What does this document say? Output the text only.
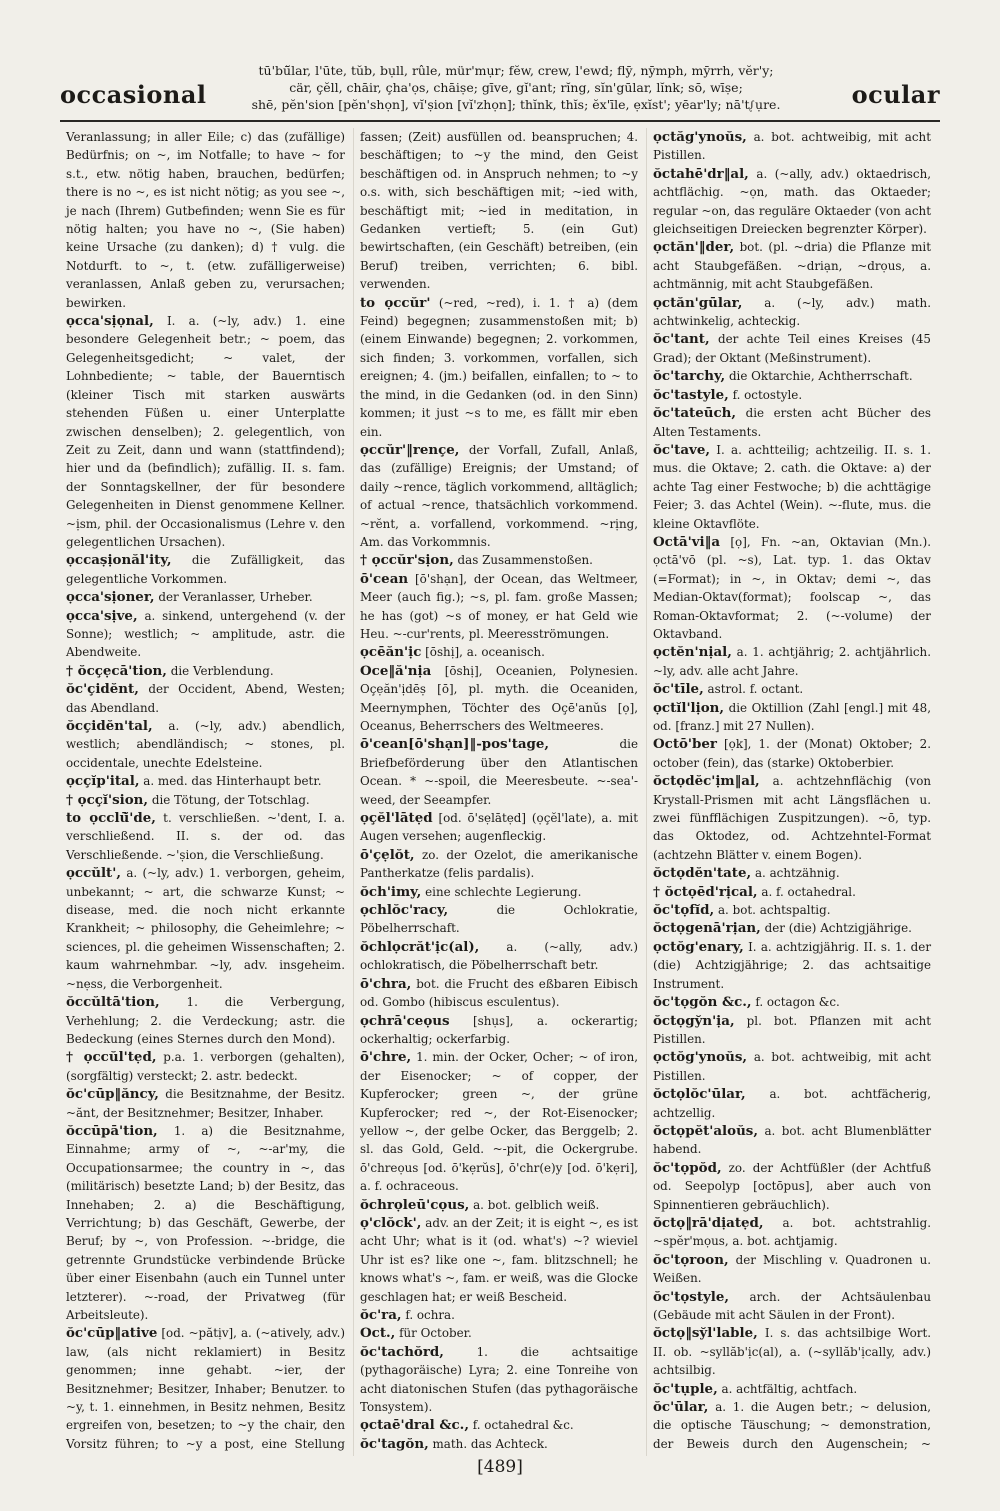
occasional
tū'bū̆lar, l'ūte, tŭb, bụll, rûle, mür'mụr; fĕw, crew, l'ewd; flȳ, nȳmph, mȳrrh, vĕr'y;
cär, çĕll, chāir, çha'ọs, chāiṣe; gīve, gĭ'ant; rĭng, sĭn'gūlar, lĭnk; sō, wīṣe;
shē, pĕn'sion [pĕn'shọn], vĭ'ṣion [vĭ'zhọn]; thĭnk, thĭs; ĕx'īle, ẹxĭst'; yēar'ly; nā'tᶘụre.	ocular

Veranlassung; in aller Eile; c) das (zufällige) Bedürfnis; on ~, im Notfalle; to have ~ for s.t., etw. nötig haben, brauchen, bedürfen; there is no ~, es ist nicht nötig; as you see ~, je nach (Ihrem) Gutbefinden; wenn Sie es für nötig halten; you have no ~, (Sie haben) keine Ursache (zu danken); d) † vulg. die Notdurft. to ~, t. (etw. zufälligerweise) veranlassen, Anlaß geben zu, verursachen; bewirken.

ọcca'sịọnal, I. a. (~ly, adv.) 1. eine besondere Gelegenheit betr.; ~ poem, das Gelegenheitsgedicht; ~ valet, der Lohnbediente; ~ table, der Bauerntisch (kleiner Tisch mit starken auswärts stehenden Füßen u. einer Unterplatte zwischen denselben); 2. gelegentlich, von Zeit zu Zeit, dann und wann (stattfindend); hier und da (befindlich); zufällig. II. s. fam. der Sonntagskellner, der für besondere Gelegenheiten in Dienst genommene Kellner. ~ịsm, phil. der Occasionalismus (Lehre v. den gelegentlichen Ursachen).

ọccaṣịonăl'ity, die Zufälligkeit, das gelegentliche Vorkommen.

ọcca'sịoner, der Veranlasser, Urheber.

ọcca'sịve, a. sinkend, untergehend (v. der Sonne); westlich; ~ amplitude, astr. die Abendweite.

† ŏcçẹcā'tion, die Verblendung.

ŏc'çidĕnt, der Occident, Abend, Westen; das Abendland.

ŏcçidĕn'tal, a. (~ly, adv.) abendlich, westlich; abendländisch; ~ stones, pl. occidentale, unechte Edelsteine.

ọcçĭp'ital, a. med. das Hinterhaupt betr.

† ọcçĭ'sion, die Tötung, der Totschlag.

to ọcclū̆'de, t. verschließen. ~'dent, I. a. verschließend. II. s. der od. das Verschließende. ~'ṣion, die Verschließung.

ọccŭlt', a. (~ly, adv.) 1. verborgen, geheim, unbekannt; ~ art, die schwarze Kunst; ~ disease, med. die noch nicht erkannte Krankheit; ~ philosophy, die Geheimlehre; ~ sciences, pl. die geheimen Wissenschaften; 2. kaum wahrnehmbar. ~ly, adv. insgeheim. ~nẹss, die Verborgenheit.

ŏccŭltā'tion, 1. die Verbergung, Verhehlung; 2. die Verdeckung; astr. die Bedeckung (eines Sternes durch den Mond).

† ọccŭl'tẹd, p.a. 1. verborgen (gehalten), (sorgfältig) versteckt; 2. astr. bedeckt.

ŏc'cūp‖ăncy, die Besitznahme, der Besitz. ~ănt, der Besitznehmer; Besitzer, Inhaber.

ŏccūpā'tion, 1. a) die Besitznahme, Einnahme; army of ~, ~-ar'my, die Occupationsarmee; the country in ~, das (militärisch) besetzte Land; b) der Besitz, das Innehaben; 2. a) die Beschäftigung, Verrichtung; b) das Geschäft, Gewerbe, der Beruf; by ~, von Profession. ~-bridge, die getrennte Grundstücke verbindende Brücke über einer Eisenbahn (auch ein Tunnel unter letzterer). ~-road, der Privatweg (für Arbeitsleute).

ŏc'cūp‖ative [od. ~pătịv], a. (~atively, adv.) law, (als nicht reklamiert) in Besitz genommen; inne gehabt. ~ier, der Besitznehmer; Besitzer, Inhaber; Benutzer. to ~y, t. 1. einnehmen, in Besitz nehmen, Besitz ergreifen von, besetzen; to ~y the chair, den Vorsitz führen; to ~y a post, eine Stellung

fassen; (Zeit) ausfüllen od. beanspruchen; 4. beschäftigen; to ~y the mind, den Geist beschäftigen od. in Anspruch nehmen; to ~y o.s. with, sich beschäftigen mit; ~ied with, beschäftigt mit; ~ied in meditation, in Gedanken vertieft; 5. (ein Gut) bewirtschaften, (ein Geschäft) betreiben, (ein Beruf) treiben, verrichten; 6. bibl. verwenden.

to ọccŭr' (~red, ~red), i. 1. † a) (dem Feind) begegnen; zusammenstoßen mit; b) (einem Einwande) begegnen; 2. vorkommen, sich finden; 3. vorkommen, vorfallen, sich ereignen; 4. (jm.) beifallen, einfallen; to ~ to the mind, in die Gedanken (od. in den Sinn) kommen; it just ~s to me, es fällt mir eben ein.

ọccŭr'‖rençe, der Vorfall, Zufall, Anlaß, das (zufällige) Ereignis; der Umstand; of daily ~rence, täglich vorkommend, alltäglich; of actual ~rence, thatsächlich vorkommend. ~rĕnt, a. vorfallend, vorkommend. ~rịng, Am. das Vorkommnis.

† ọccŭr'sịon, das Zusammenstoßen.

ō'cean [ō'shạn], der Ocean, das Weltmeer, Meer (auch fig.); ~s, pl. fam. große Massen; he has (got) ~s of money, er hat Geld wie Heu. ~-cur'rents, pl. Meeresströmungen.

ọcēăn'ịc [ōshị], a. oceanisch.

Oce‖ă'nịa [ōshị], Oceanien, Polynesien. Oçẹăn'ịdēṣ [ō], pl. myth. die Oceaniden, Meernymphen, Töchter des Oçē'anŭs [ọ], Oceanus, Beherrschers des Weltmeeres.

ō'cean[ō'shạn]‖-pos'tage,	die Briefbeförderung über den Atlantischen Ocean. * ~-spoil, die Meeresbeute. ~-sea'-weed, der Seeampfer.

ọçĕl'lātẹd [od. ō'sẹlātẹd] (ọçĕl'late), a. mit Augen versehen; augenfleckig.

ō'çẹlŏt, zo. der Ozelot, die amerikanische Pantherkatze (felis pardalis).

ŏch'imy, eine schlechte Legierung.

ọchlŏc'racy,	die Ochlokratie, Pöbelherrschaft.

ŏchlọcrăt'ịc(al), a. (~ally, adv.) ochlokratisch, die Pöbelherrschaft betr.

ō'chra, bot. die Frucht des eßbaren Eibisch od. Gombo (hibiscus esculentus).

ọchrā'ceọus [shụs], a. ockerartig; ockerhaltig; ockerfarbig.

ō'chre, 1. min. der Ocker, Ocher; ~ of iron, der Eisenocker; ~ of copper, der Kupferocker; green ~, der grüne Kupferocker; red ~, der Rot-Eisenocker; yellow ~, der gelbe Ocker, das Berggelb; 2. sl. das Gold, Geld. ~-pit, die Ockergrube. ō'chreọus [od. ō'kẹrŭs], ō'chr(e)y [od. ō'kẹri], a. f. ochraceous.

ŏchrọleū'cọus, a. bot. gelblich weiß.

ọ'clŏck', adv. an der Zeit; it is eight ~, es ist acht Uhr; what is it (od. what's) ~? wieviel Uhr ist es? like one ~, fam. blitzschnell; he knows what's ~, fam. er weiß, was die Glocke geschlagen hat; er weiß Bescheid.

ŏc'ra, f. ochra.

Oct., für October.

ŏc'tachŏrd,	1. die achtsaitige (pythagoräische) Lyra; 2. eine Tonreihe von acht diatonischen Stufen (das pythagoräische Tonsystem).

ọctaē'dral &c., f. octahedral &c.

ŏc'tagŏn, math. das Achteck.

ọctăg'ynoŭs, a. bot. achtweibig, mit acht Pistillen.

ŏctahē'dr‖al, a. (~ally, adv.) oktaedrisch, achtflächig. ~ọn, math. das Oktaeder; regular ~on, das reguläre Oktaeder (von acht gleichseitigen Dreiecken begrenzter Körper).

ọctăn'‖der, bot. (pl. ~dria) die Pflanze mit acht Staubgefäßen. ~driạn, ~drọus, a. achtmännig, mit acht Staubgefäßen.

ọctăn'gūlar, a. (~ly, adv.) math. achtwinkelig, achteckig.

ŏc'tant, der achte Teil eines Kreises (45 Grad); der Oktant (Meßinstrument).

ŏc'tarchy, die Oktarchie, Achtherrschaft.

ŏc'tastyle, f. octostyle.

ŏc'tateūch, die ersten acht Bücher des Alten Testaments.

ŏc'tave, I. a. achtteilig; achtzeilig. II. s. 1. mus. die Oktave; 2. cath. die Oktave: a) der achte Tag einer Festwoche; b) die achttägige Feier; 3. das Achtel (Wein). ~-flute, mus. die kleine Oktavflöte.

Octā'vi‖a [ọ], Fn. ~an, Oktavian (Mn.). ọctā'vō (pl. ~s), Lat. typ. 1. das Oktav (=Format); in ~, in Oktav; demi ~, das Median-Oktav(format); foolscap ~, das Roman-Oktavformat; 2. (~-volume) der Oktavband.

ọctĕn'nịal, a. 1. achtjährig; 2. achtjährlich. ~ly, adv. alle acht Jahre.

ŏc'tīle, astrol. f. octant.

ọctĭl'lịon, die Oktillion (Zahl [engl.] mit 48, od. [franz.] mit 27 Nullen).

Octō'ber [ọk], 1. der (Monat) Oktober; 2. october (fein), das (starke) Oktoberbier.

ŏctọdĕc'ịm‖al, a. achtzehnflächig (von Krystall-Prismen mit acht Längsflächen u. zwei fünfflächigen Zuspitzungen). ~ō, typ. das Oktodez, od. Achtzehntel-Format (achtzehn Blätter v. einem Bogen).

ŏctọdĕn'tate, a. achtzähnig.

† ŏctọēd'rịcal, a. f. octahedral.

ŏc'tọfĭd, a. bot. achtspaltig.

ŏctọgenā'rịan, der (die) Achtzigjährige.

ọctŏg'enary, I. a. achtzigjährig. II. s. 1. der (die) Achtzigjährige; 2. das achtsaitige Instrument.

ŏc'tọgŏn &c., f. octagon &c.

ŏctọgy̆n'ịa, pl. bot. Pflanzen mit acht Pistillen.

ọctŏg'ynoŭs, a. bot. achtweibig, mit acht Pistillen.

ŏctọlŏc'ūlar, a. bot. achtfächerig, achtzellig.

ŏctọpĕt'aloŭs, a. bot. acht Blumenblätter habend.

ŏc'tọpŏd, zo. der Achtfüßler (der Achtfuß od. Seepolyp [octōpus], aber auch von Spinnentieren gebräuchlich).

ŏctọ‖rā'dịatẹd, a. bot. achtstrahlig. ~spĕr'mọus, a. bot. achtjamig.

ŏc'tọroon, der Mischling v. Quadronen u. Weißen.

ŏc'tọstyle, arch. der Achtsäulenbau (Gebäude mit acht Säulen in der Front).

ŏctọ‖sy̆l'lable, I. s. das achtsilbige Wort. II. ob. ~syllăb'ịc(al), a. (~syllăb'ịcally, adv.) achtsilbig.

ŏc'tụple, a. achtfältig, achtfach.

ŏc'ūlar, a. 1. die Augen betr.; ~ delusion, die optische Täuschung; ~ demonstration, der Beweis durch den Augenschein; ~

[489]
